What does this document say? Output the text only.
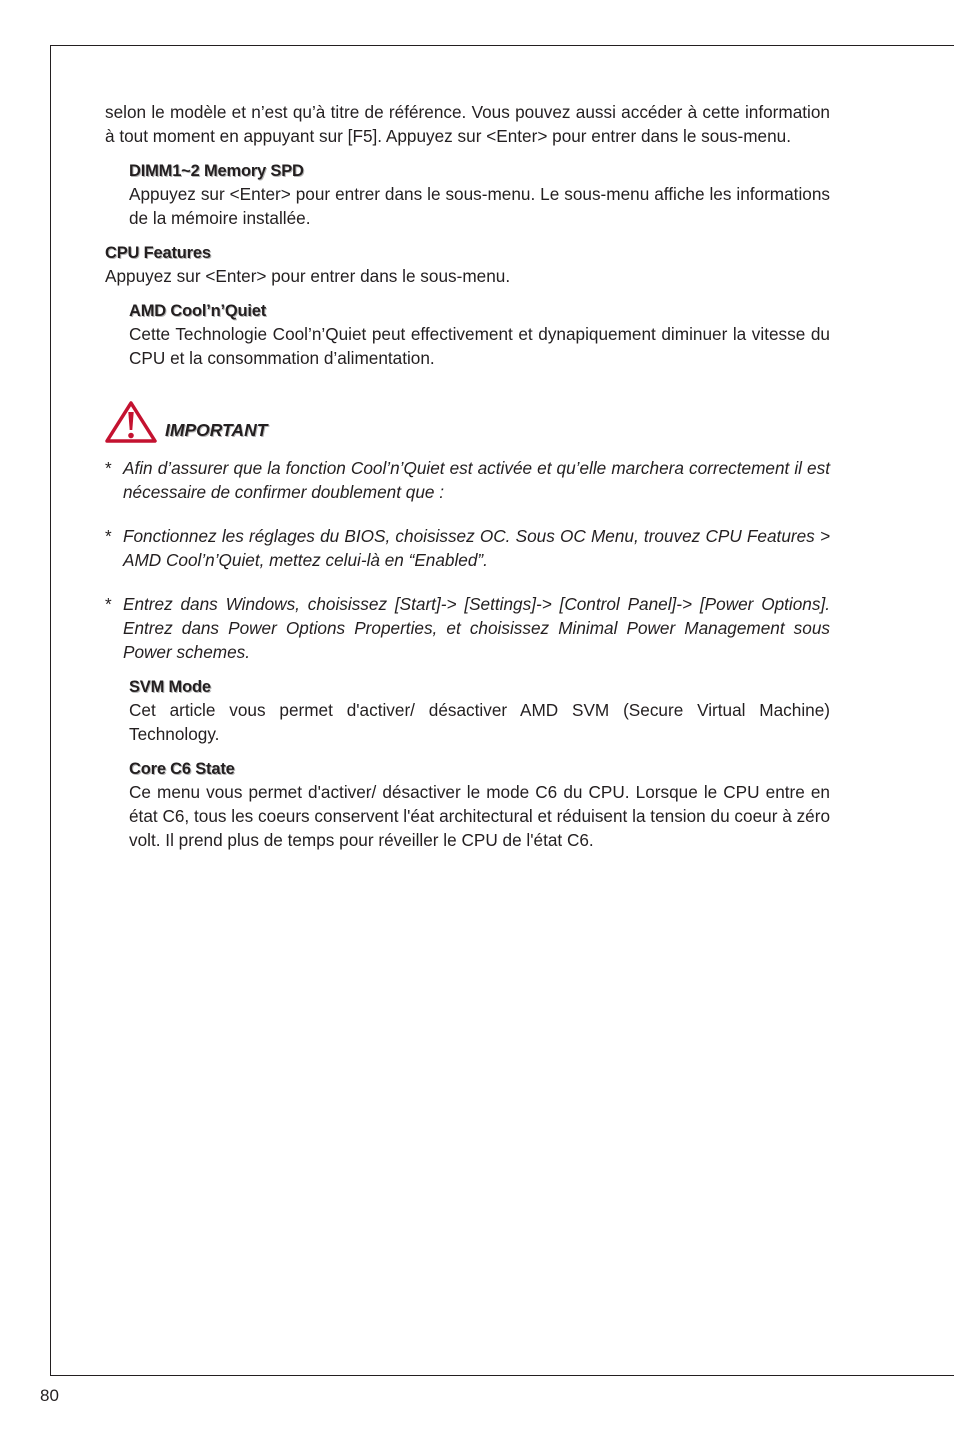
selon le modèle et n’est qu’à titre de référence. Vous pouvez aussi accéder à cette information à tout moment en appuyant sur [F5]. Appuyez sur <Enter> pour entrer dans le sous-menu.

DIMM1~2 Memory SPD

Appuyez sur <Enter> pour entrer dans le sous-menu. Le sous-menu affiche les informations de la mémoire installée.

CPU Features

Appuyez sur <Enter> pour entrer dans le sous-menu.

AMD Cool’n’Quiet

Cette Technologie Cool’n’Quiet peut effectivement et dynapiquement diminuer la vitesse du CPU et la consommation d’alimentation.

IMPORTANT
* Afin d’assurer que la fonction Cool’n’Quiet est activée et qu’elle marchera correctement il est nécessaire de confirmer doublement que :

* Fonctionnez les réglages du BIOS, choisissez OC. Sous OC Menu, trouvez CPU Features > AMD Cool’n’Quiet, mettez celui-là en “Enabled”.

* Entrez dans Windows, choisissez [Start]-> [Settings]-> [Control Panel]-> [Power Options]. Entrez dans Power Options Properties, et choisissez Minimal Power Management sous Power schemes.

SVM Mode

Cet article vous permet d'activer/ désactiver AMD SVM (Secure Virtual Machine) Technology.

Core C6 State

Ce menu vous permet d'activer/ désactiver le mode C6 du CPU. Lorsque le CPU entre en état C6, tous les coeurs conservent l'éat architectural et réduisent la tension du coeur à zéro volt. Il prend plus de temps pour réveiller le CPU de l'état C6.

80
